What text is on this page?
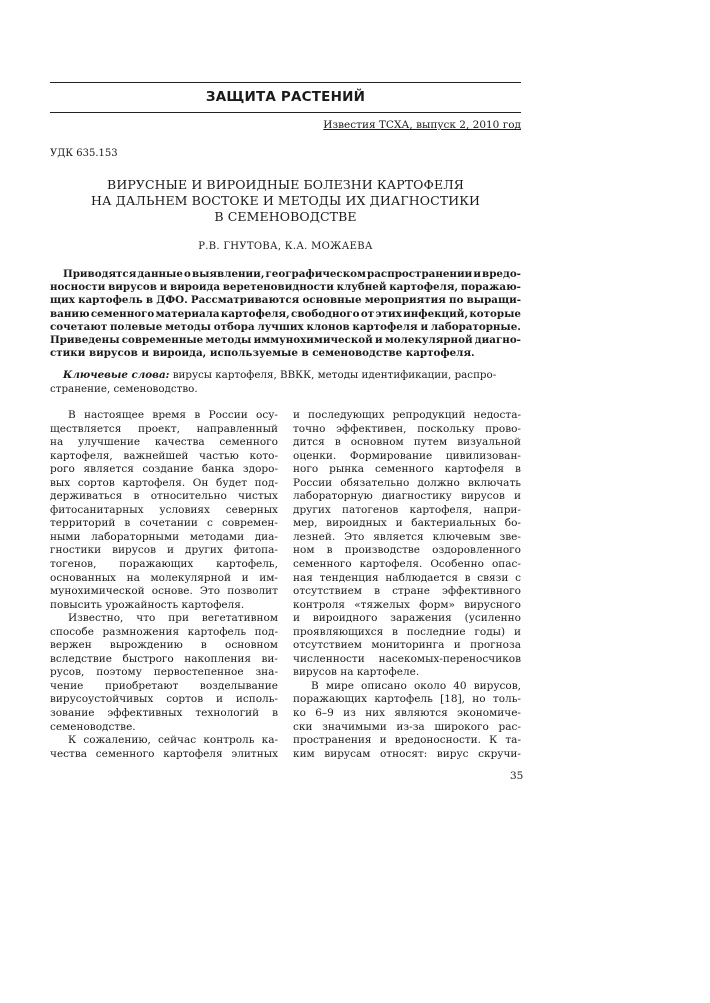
ЗАЩИТА РАСТЕНИЙ
Известия ТСХА, выпуск 2, 2010 год
УДК 635.153
ВИРУСНЫЕ И ВИРОИДНЫЕ БОЛЕЗНИ КАРТОФЕЛЯ
НА ДАЛЬНЕМ ВОСТОКЕ И МЕТОДЫ ИХ ДИАГНОСТИКИ
В СЕМЕНОВОДСТВЕ
Р.В. ГНУТОВА, К.А. МОЖАЕВА
Приводятся данные о выявлении, географическом распространении и вредо-
носности вирусов и вироида веретеновидности клубней картофеля, поражаю-
щих картофель в ДФО. Рассматриваются основные мероприятия по выращи-
ванию семенного материала картофеля, свободного от этих инфекций, которые
сочетают полевые методы отбора лучших клонов картофеля и лабораторные.
Приведены современные методы иммунохимической и молекулярной диагно-
стики вирусов и вироида, используемые в семеноводстве картофеля.
Ключевые слова: вирусы картофеля, ВВКК, методы идентификации, распро-
странение, семеноводство.
В настоящее время в России осу-
ществляется проект, направленный
на улучшение качества семенного
картофеля, важнейшей частью кото-
рого является создание банка здоро-
вых сортов картофеля. Он будет под-
держиваться в относительно чистых
фитосанитарных условиях северных
территорий в сочетании с современ-
ными лабораторными методами диа-
гностики вирусов и других фитопа-
тогенов, поражающих картофель,
основанных на молекулярной и им-
мунохимической основе. Это позволит
повысить урожайность картофеля.
Известно, что при вегетативном
способе размножения картофель под-
вержен вырождению в основном
вследствие быстрого накопления ви-
русов, поэтому первостепенное зна-
чение приобретают возделывание
вирусоустойчивых сортов и исполь-
зование эффективных технологий в
семеноводстве.
К сожалению, сейчас контроль ка-
чества семенного картофеля элитных
и последующих репродукций недоста-
точно эффективен, поскольку прово-
дится в основном путем визуальной
оценки. Формирование цивилизован-
ного рынка семенного картофеля в
России обязательно должно включать
лабораторную диагностику вирусов и
других патогенов картофеля, напри-
мер, вироидных и бактериальных бо-
лезней. Это является ключевым зве-
ном в производстве оздоровленного
семенного картофеля. Особенно опас-
ная тенденция наблюдается в связи с
отсутствием в стране эффективного
контроля «тяжелых форм» вирусного
и вироидного заражения (усиленно
проявляющихся в последние годы) и
отсутствием мониторинга и прогноза
численности насекомых-переносчиков
вирусов на картофеле.
В мире описано около 40 вирусов,
поражающих картофель [18], но толь-
ко 6–9 из них являются экономиче-
ски значимыми из-за широкого рас-
пространения и вредоносности. К та-
ким вирусам относят: вирус скручи-
35
